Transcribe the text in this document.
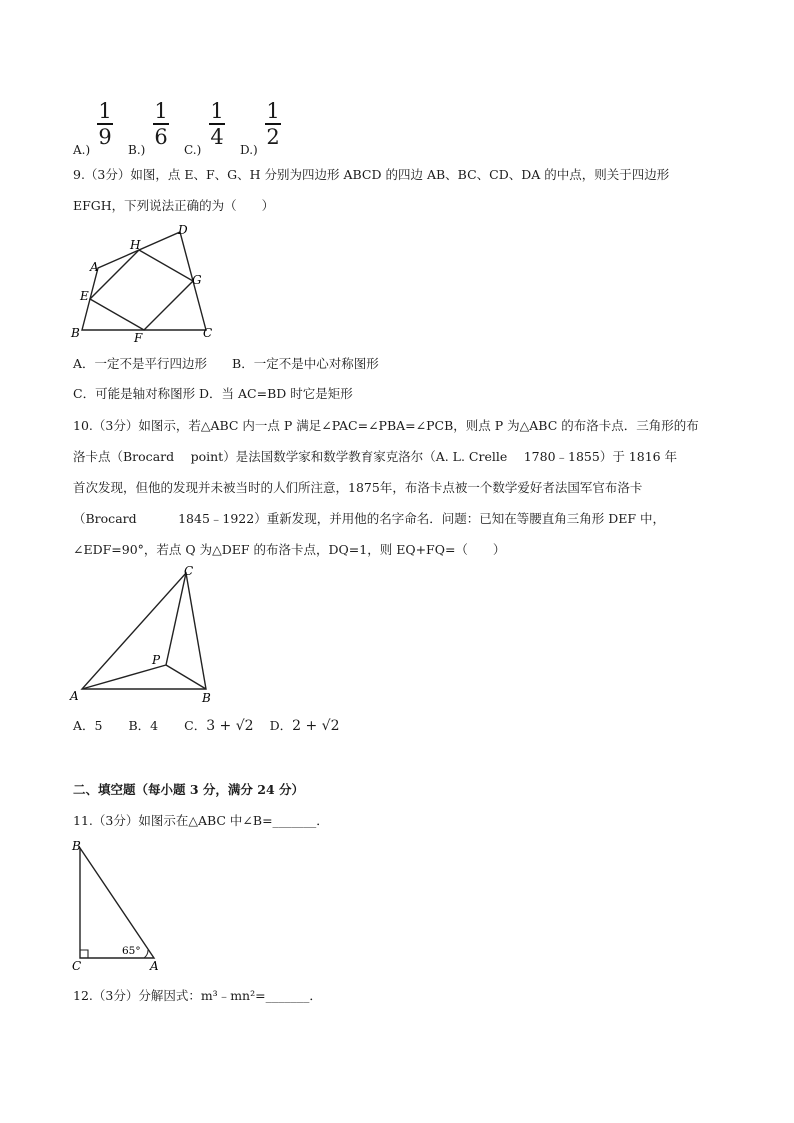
A.)
1
9
B.)
1
6
C.)
1
4
D.)
1
2
9.（3分）如图，点 E、F、G、H 分别为四边形 ABCD 的四边 AB、BC、CD、DA 的中点，则关于四边形
EFGH，下列说法正确的为（　　）
A
B	C
D
E
F
G
H
A．一定不是平行四边形　　B．一定不是中心对称图形
C．可能是轴对称图形 D．当 AC=BD 时它是矩形
10.（3分）如图示，若△ABC 内一点 P 满足∠PAC=∠PBA=∠PCB，则点 P 为△ABC 的布洛卡点．三角形的布
洛卡点（Brocard　 point）是法国数学家和数学教育家克洛尔（A. L. Crelle　 1780﹣1855）于 1816 年
首次发现，但他的发现并未被当时的人们所注意，1875年，布洛卡点被一个数学爱好者法国军官布洛卡
（Brocard　　　 1845﹣1922）重新发现，并用他的名字命名．问题：已知在等腰直角三角形 DEF 中，
∠EDF=90°，若点 Q 为△DEF 的布洛卡点，DQ=1，则 EQ+FQ=（　　）
A	B
C
P
A．5 B．4 C．3 + √2 D．2 + √2
二、填空题（每小题 3 分，满分 24 分）
11.（3分）如图示在△ABC 中∠B=_______．
B
C	A
65°
12.（3分）分解因式：m³﹣mn²=_______．
